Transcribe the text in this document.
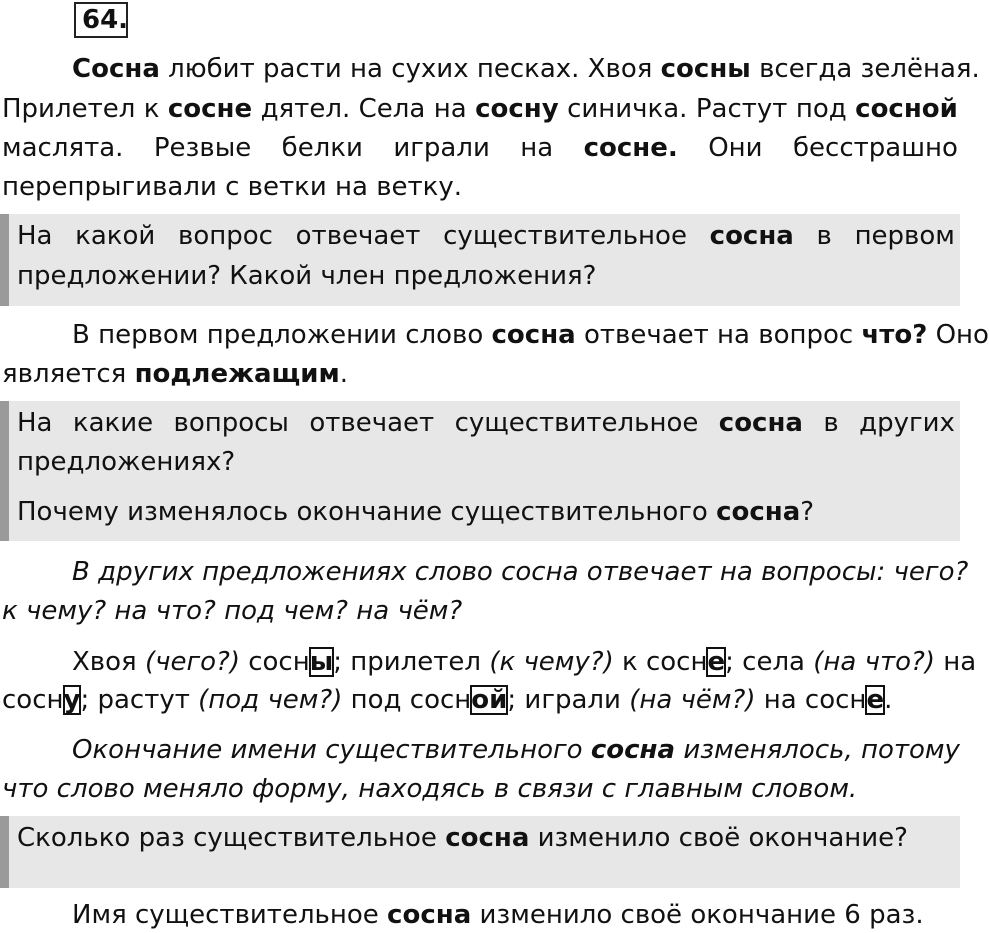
64.
Сосна любит расти на сухих песках. Хвоя сосны всегда зелёная.
Прилетел к сосне дятел. Села на сосну синичка. Растут под сосной
маслята. Резвые белки играли на сосне. Они бесстрашно
перепрыгивали с ветки на ветку.
На какой вопрос отвечает существительное сосна в первом
предложении? Какой член предложения?
В первом предложении слово сосна отвечает на вопрос что? Оно
является подлежащим.
На какие вопросы отвечает существительное сосна в других
предложениях?
Почему изменялось окончание существительного сосна?
В других предложениях слово сосна отвечает на вопросы: чего?
к чему? на что? под чем? на чём?
Хвоя (чего?) сосны; прилетел (к чему?) к сосне; села (на что?) на
сосну; растут (под чем?) под сосной; играли (на чём?) на сосне.
Окончание имени существительного сосна изменялось, потому
что слово меняло форму, находясь в связи с главным словом.
Сколько раз существительное сосна изменило своё окончание?
Имя существительное сосна изменило своё окончание 6 раз.
